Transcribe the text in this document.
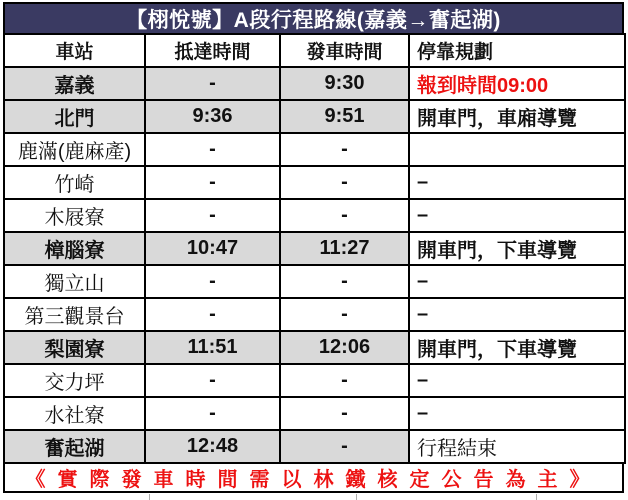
【栩悅號】A段行程路線(嘉義→奮起湖)
車站	抵達時間	發車時間	停靠規劃
嘉義	-	9:30	報到時間09:00
北門	9:36	9:51	開車門，車廂導覽
鹿滿(鹿麻產)	-	-	
竹崎	-	-	–
木屐寮	-	-	–
樟腦寮	10:47	11:27	開車門，下車導覽
獨立山	-	-	–
第三觀景台	-	-	–
梨園寮	11:51	12:06	開車門，下車導覽
交力坪	-	-	–
水社寮	-	-	–
奮起湖	12:48	-	行程結束
《實際發車時間需以林鐵核定公告為主》
